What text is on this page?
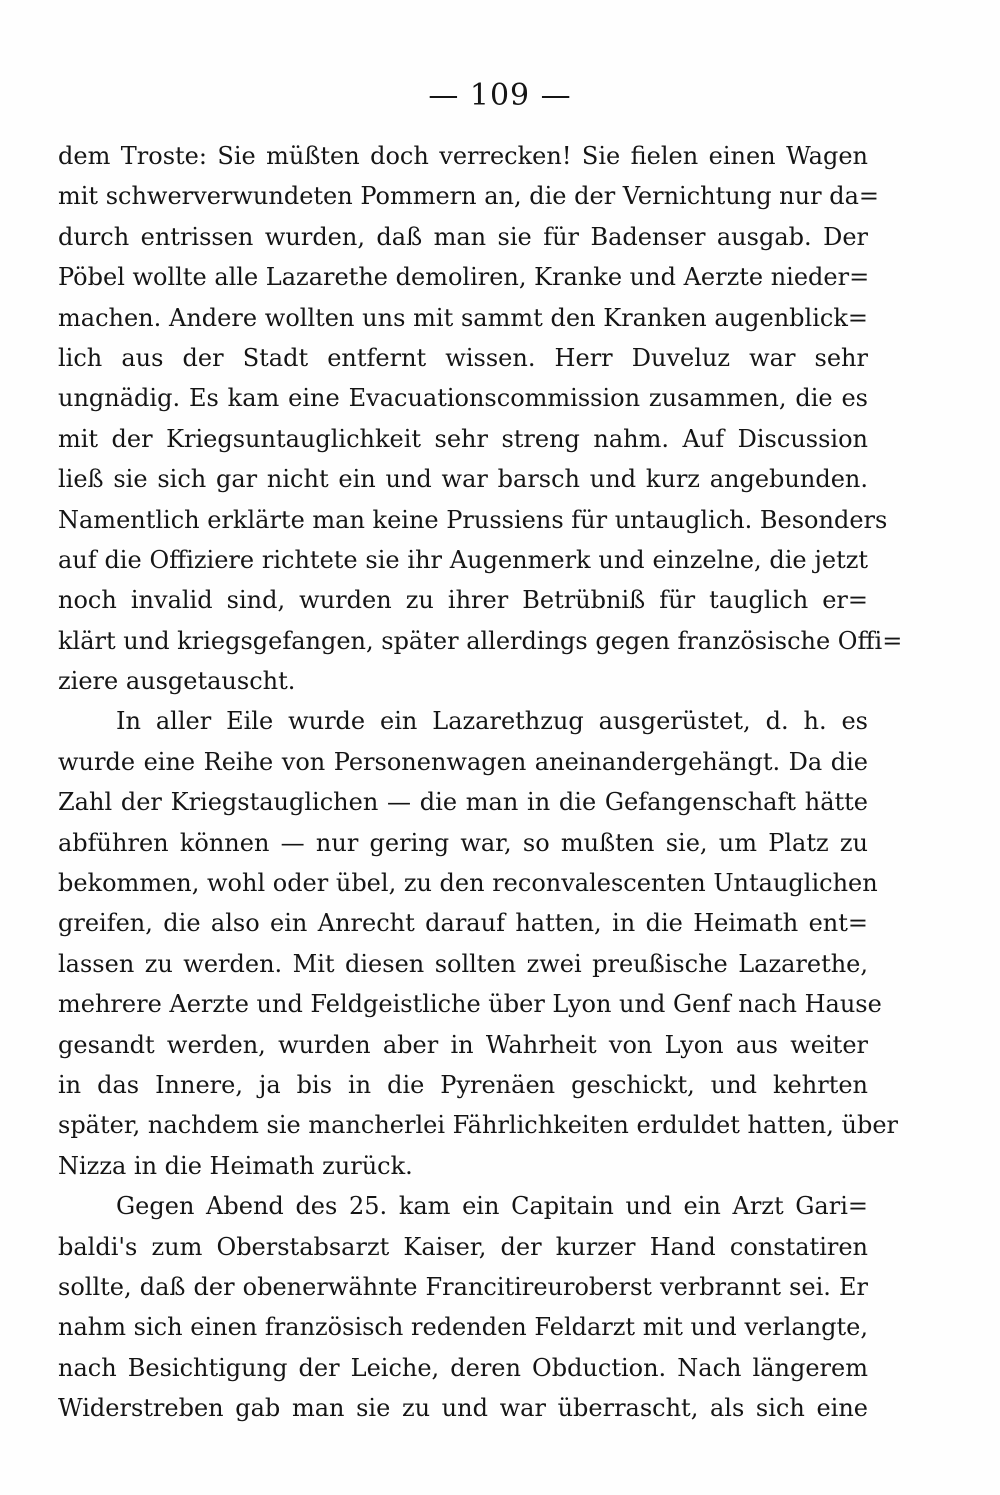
— 109 —
dem Troste: Sie müßten doch verrecken! Sie fielen einen Wagen
mit schwerverwundeten Pommern an, die der Vernichtung nur da=
durch entrissen wurden, daß man sie für Badenser ausgab. Der
Pöbel wollte alle Lazarethe demoliren, Kranke und Aerzte nieder=
machen. Andere wollten uns mit sammt den Kranken augenblick=
lich aus der Stadt entfernt wissen. Herr Duveluz war sehr
ungnädig. Es kam eine Evacuationscommission zusammen, die es
mit der Kriegsuntauglichkeit sehr streng nahm. Auf Discussion
ließ sie sich gar nicht ein und war barsch und kurz angebunden.
Namentlich erklärte man keine Prussiens für untauglich. Besonders
auf die Offiziere richtete sie ihr Augenmerk und einzelne, die jetzt
noch invalid sind, wurden zu ihrer Betrübniß für tauglich er=
klärt und kriegsgefangen, später allerdings gegen französische Offi=
ziere ausgetauscht.
In aller Eile wurde ein Lazarethzug ausgerüstet, d. h. es
wurde eine Reihe von Personenwagen aneinandergehängt. Da die
Zahl der Kriegstauglichen — die man in die Gefangenschaft hätte
abführen können — nur gering war, so mußten sie, um Platz zu
bekommen, wohl oder übel, zu den reconvalescenten Untauglichen
greifen, die also ein Anrecht darauf hatten, in die Heimath ent=
lassen zu werden. Mit diesen sollten zwei preußische Lazarethe,
mehrere Aerzte und Feldgeistliche über Lyon und Genf nach Hause
gesandt werden, wurden aber in Wahrheit von Lyon aus weiter
in das Innere, ja bis in die Pyrenäen geschickt, und kehrten
später, nachdem sie mancherlei Fährlichkeiten erduldet hatten, über
Nizza in die Heimath zurück.
Gegen Abend des 25. kam ein Capitain und ein Arzt Gari=
baldi's zum Oberstabsarzt Kaiser, der kurzer Hand constatiren
sollte, daß der obenerwähnte Francitireuroberst verbrannt sei. Er
nahm sich einen französisch redenden Feldarzt mit und verlangte,
nach Besichtigung der Leiche, deren Obduction. Nach längerem
Widerstreben gab man sie zu und war überrascht, als sich eine
